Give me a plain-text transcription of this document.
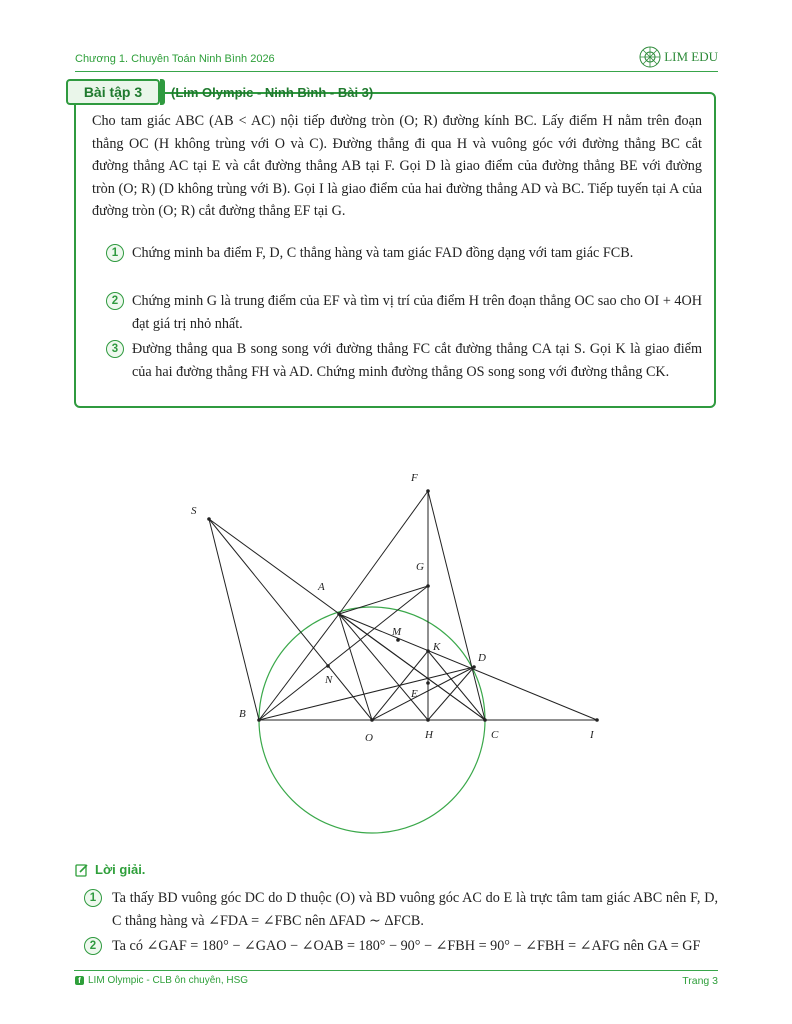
Chương 1. Chuyên Toán Ninh Bình 2026	LIM EDU
Bài tập 3	(Lim Olympic - Ninh Bình - Bài 3)

Cho tam giác ABC (AB < AC) nội tiếp đường tròn (O; R) đường kính BC. Lấy điểm H nằm trên đoạn thẳng OC (H không trùng với O và C). Đường thẳng đi qua H và vuông góc với đường thẳng BC cắt đường thẳng AC tại E và cắt đường thẳng AB tại F. Gọi D là giao điểm của đường thẳng BE với đường tròn (O; R) (D không trùng với B). Gọi I là giao điểm của hai đường thẳng AD và BC. Tiếp tuyến tại A của đường tròn (O; R) cắt đường thẳng EF tại G.

1 Chứng minh ba điểm F, D, C thẳng hàng và tam giác FAD đồng dạng với tam giác FCB.
2 Chứng minh G là trung điểm của EF và tìm vị trí của điểm H trên đoạn thẳng OC sao cho OI + 4OH đạt giá trị nhỏ nhất.
3 Đường thẳng qua B song song với đường thẳng FC cắt đường thẳng CA tại S. Gọi K là giao điểm của hai đường thẳng FH và AD. Chứng minh đường thẳng OS song song với đường thẳng CK.
F
S
G
A
M
K
D
N
E
B
O	H	C	I
Lời giải.
1	Ta thấy BD vuông góc DC do D thuộc (O) và BD vuông góc AC do E là trực tâm tam giác ABC nên F, D, C thẳng hàng và ∠FDA = ∠FBC nên ΔFAD ∼ ΔFCB.
2	Ta có ∠GAF = 180° − ∠GAO − ∠OAB = 180° − 90° − ∠FBH = 90° − ∠FBH = ∠AFG nên GA = GF
f LIM Olympic - CLB ôn chuyên, HSG	Trang 3
